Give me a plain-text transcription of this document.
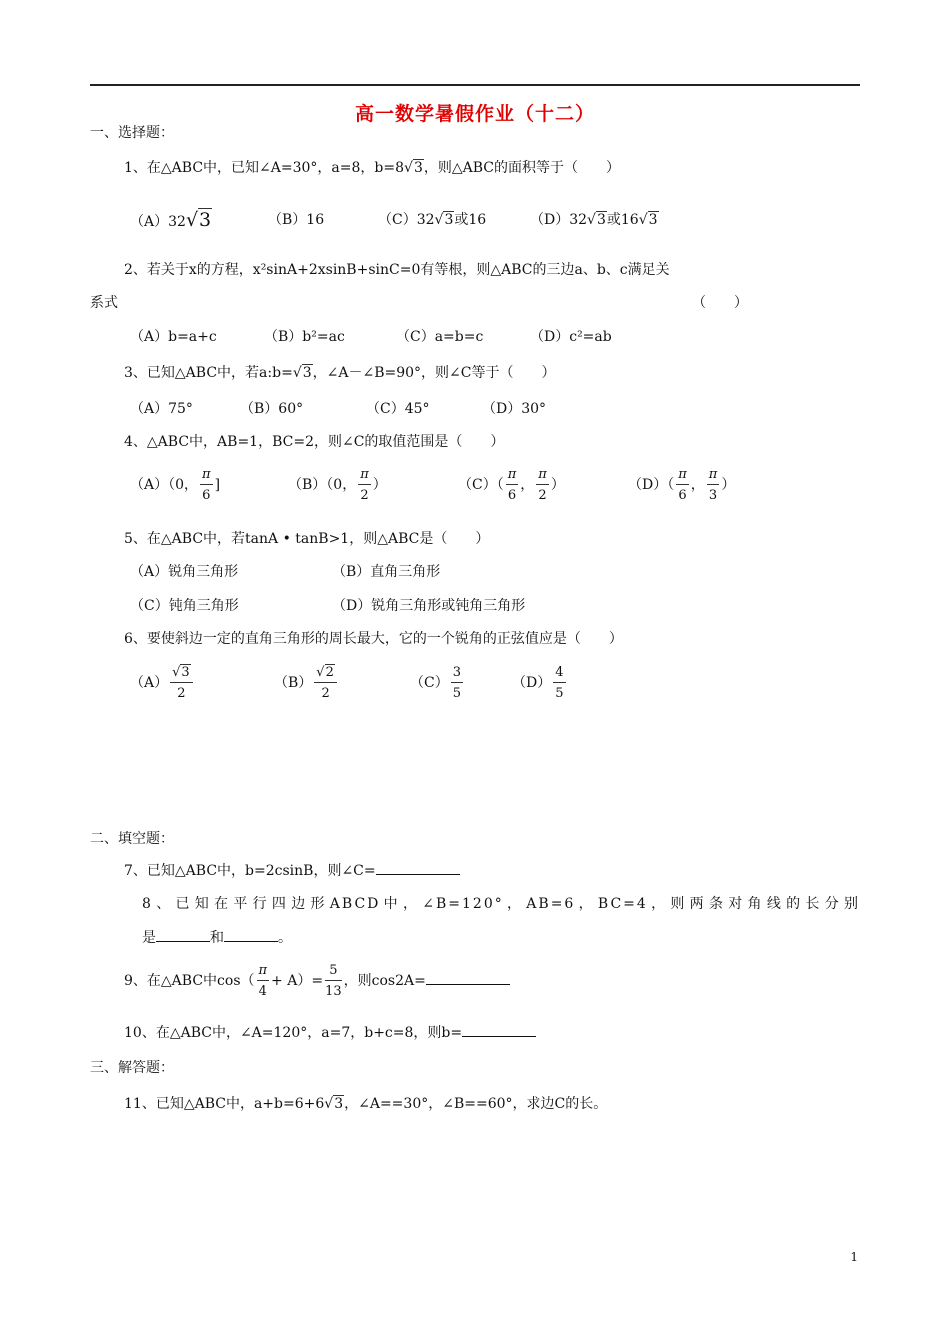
高一数学暑假作业（十二）
一、选择题：
1、在△ABC中，已知∠A=30°，a=8，b=8√3，则△ABC的面积等于（　　）
（A）32√3	（B）16	（C）32√3或16	（D）32√3或16√3
2、若关于x的方程，x²sinA+2xsinB+sinC=0有等根，则△ABC的三边a、b、c满足关
系式	（　　）
（A）b=a+c	（B）b²=ac	（C）a=b=c	（D）c²=ab
3、已知△ABC中，若a:b=√3，∠A－∠B=90°，则∠C等于（　　）
（A）75°	（B）60°	（C）45°	（D）30°
4、△ABC中，AB=1，BC=2，则∠C的取值范围是（　　）
（A）（0， $\frac{\pi}{6}$ ]	（B）（0， $\frac{\pi}{2}$ ）	$(C)( \frac{\pi}{6}$ ， $\frac{\pi}{2}$ ）	$(D)( \frac{\pi}{6}$ ， $\frac{\pi}{3}$ ）
5、在△ABC中，若tanA • tanB>1，则△ABC是（　　）
（A）锐角三角形	（B）直角三角形
（C）钝角三角形	（D）锐角三角形或钝角三角形
6、要使斜边一定的直角三角形的周长最大，它的一个锐角的正弦值应是（　　）
$(A) \frac{√3}{2}$	$(B) \frac{√2}{2}$	$(C) \frac{3}{5}$	$(D) \frac{4}{5}$
二、填空题：
7、已知△ABC中，b=2csinB，则∠C=
8、已知在平行四边形ABCD中，∠B=120°，AB=6，BC=4，则两条对角线的长分别
是	和	。
9、在△ABC中$\cos( \frac{\pi}{4} + A)= \frac{5}{13}$ ，则cos2A=
10、在△ABC中，∠A=120°，a=7，b+c=8，则b=
三、解答题：
11、已知△ABC中，a+b=6+6√3，∠A==30°，∠B==60°，求边C的长。
1
